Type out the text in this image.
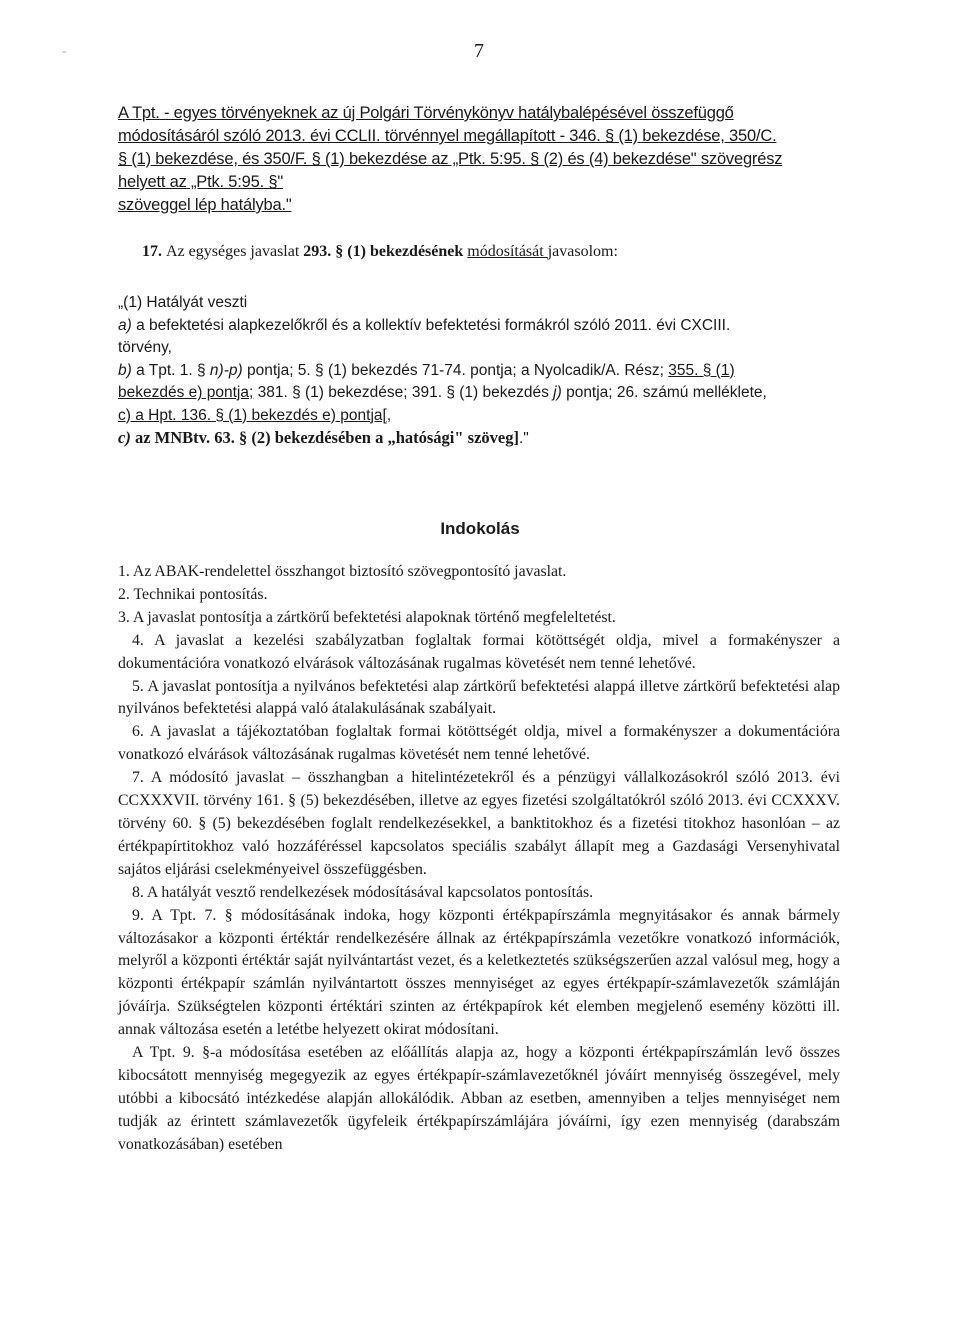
7
-
A Tpt. - egyes törvényeknek az új Polgári Törvénykönyv hatálybalépésével összefüggő
módosításáról szóló 2013. évi CCLII. törvénnyel megállapított - 346. § (1) bekezdése, 350/C.
§ (1) bekezdése, és 350/F. § (1) bekezdése az „Ptk. 5:95. § (2) és (4) bekezdése" szövegrész
helyett az „Ptk. 5:95. §"
szöveggel lép hatályba."
17. Az egységes javaslat 293. § (1) bekezdésének módosítását javasolom:
„(1) Hatályát veszti
a) a befektetési alapkezelőkről és a kollektív befektetési formákról szóló 2011. évi CXCIII.
törvény,
b) a Tpt. 1. § n)-p) pontja; 5. § (1) bekezdés 71-74. pontja; a Nyolcadik/A. Rész; 355. § (1)
bekezdés e) pontja; 381. § (1) bekezdése; 391. § (1) bekezdés j) pontja; 26. számú melléklete,
c) a Hpt. 136. § (1) bekezdés e) pontja[,
c) az MNBtv. 63. § (2) bekezdésében a „hatósági" szöveg]."
Indokolás

1. Az ABAK-rendelettel összhangot biztosító szövegpontosító javaslat.

2. Technikai pontosítás.

3. A javaslat pontosítja a zártkörű befektetési alapoknak történő megfeleltetést.

4. A javaslat a kezelési szabályzatban foglaltak formai kötöttségét oldja, mivel a formakényszer a dokumentációra vonatkozó elvárások változásának rugalmas követését nem tenné lehetővé.

5. A javaslat pontosítja a nyilvános befektetési alap zártkörű befektetési alappá illetve zártkörű befektetési alap nyilvános befektetési alappá való átalakulásának szabályait.

6. A javaslat a tájékoztatóban foglaltak formai kötöttségét oldja, mivel a formakényszer a dokumentációra vonatkozó elvárások változásának rugalmas követését nem tenné lehetővé.

7. A módosító javaslat – összhangban a hitelintézetekről és a pénzügyi vállalkozásokról szóló 2013. évi CCXXXVII. törvény 161. § (5) bekezdésében, illetve az egyes fizetési szolgáltatókról szóló 2013. évi CCXXXV. törvény 60. § (5) bekezdésében foglalt rendelkezésekkel, a banktitokhoz és a fizetési titokhoz hasonlóan – az értékpapírtitokhoz való hozzáféréssel kapcsolatos speciális szabályt állapít meg a Gazdasági Versenyhivatal sajátos eljárási cselekményeivel összefüggésben.

8. A hatályát vesztő rendelkezések módosításával kapcsolatos pontosítás.

9. A Tpt. 7. § módosításának indoka, hogy központi értékpapírszámla megnyitásakor és annak bármely változásakor a központi értéktár rendelkezésére állnak az értékpapírszámla vezetőkre vonatkozó információk, melyről a központi értéktár saját nyilvántartást vezet, és a keletkeztetés szükségszerűen azzal valósul meg, hogy a központi értékpapír számlán nyilvántartott összes mennyiséget az egyes értékpapír-számlavezetők számláján jóváírja. Szükségtelen központi értéktári szinten az értékpapírok két elemben megjelenő esemény közötti ill. annak változása esetén a letétbe helyezett okirat módosítani.

A Tpt. 9. §-a módosítása esetében az előállítás alapja az, hogy a központi értékpapírszámlán levő összes kibocsátott mennyiség megegyezik az egyes értékpapír-számlavezetőknél jóváírt mennyiség összegével, mely utóbbi a kibocsátó intézkedése alapján allokálódik. Abban az esetben, amennyiben a teljes mennyiséget nem tudják az érintett számlavezetők ügyfeleik értékpapírszámlájára jóváírni, így ezen mennyiség (darabszám vonatkozásában) esetében
